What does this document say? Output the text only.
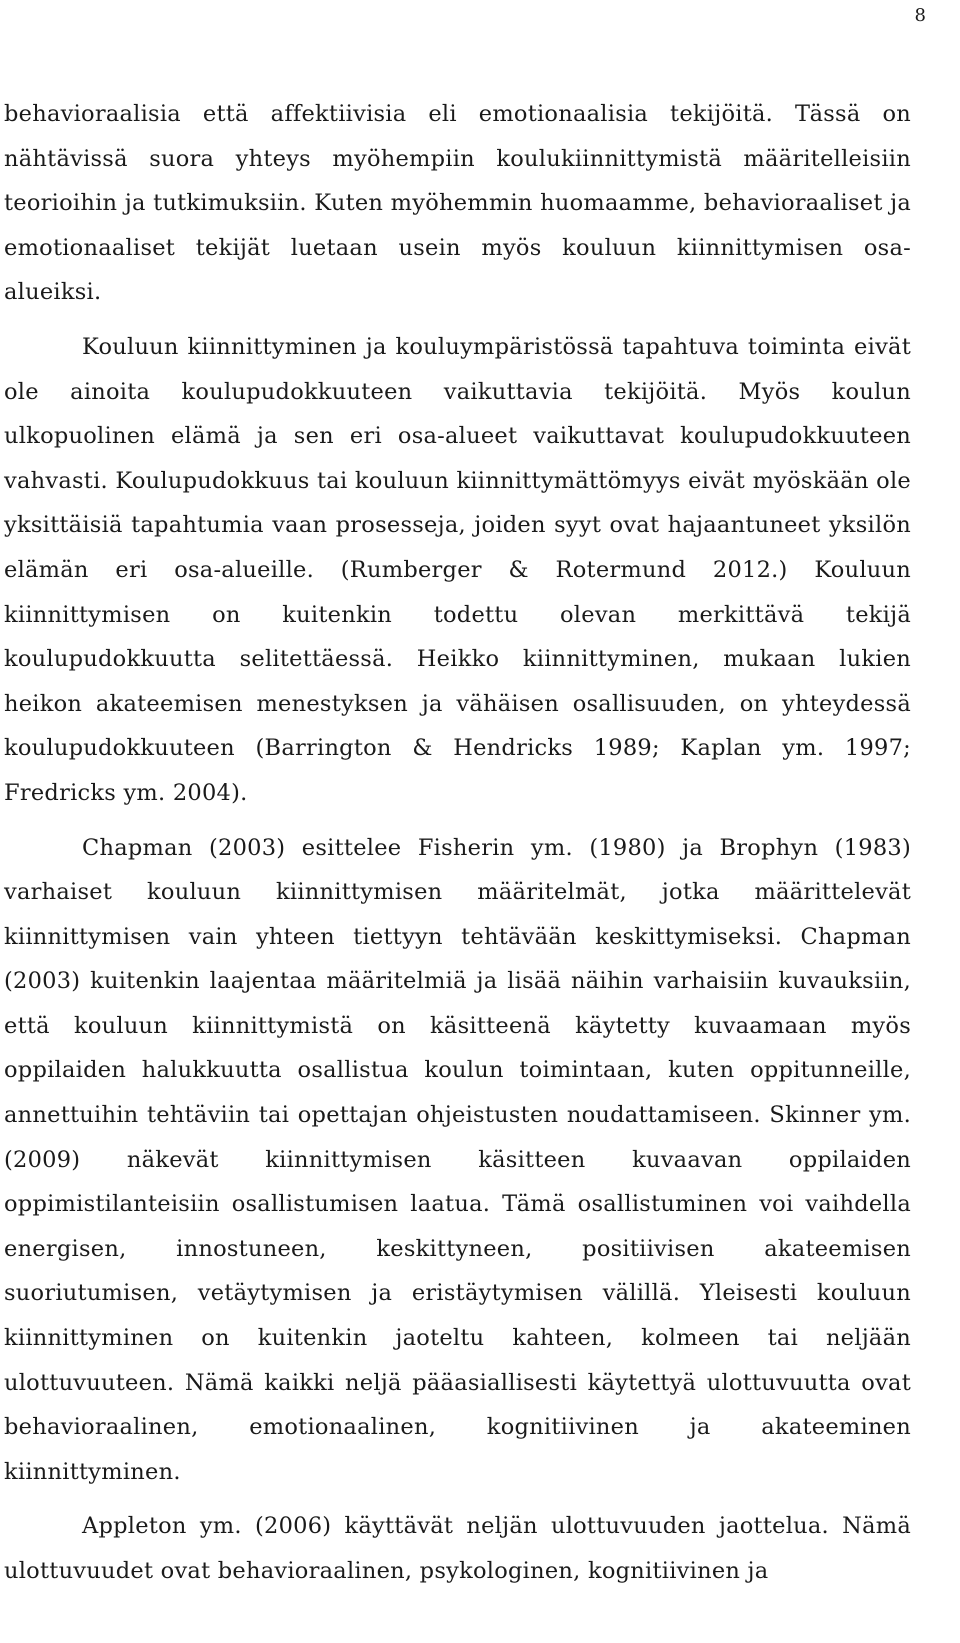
8

behavioraalisia että affektiivisia eli emotionaalisia tekijöitä. Tässä on nähtävissä suora yhteys myöhempiin koulukiinnittymistä määritelleisiin teorioihin ja tutkimuksiin. Kuten myöhemmin huomaamme, behavioraaliset ja emotionaaliset tekijät luetaan usein myös kouluun kiinnittymisen osa-alueiksi.

Kouluun kiinnittyminen ja kouluympäristössä tapahtuva toiminta eivät ole ainoita koulupudokkuuteen vaikuttavia tekijöitä. Myös koulun ulkopuolinen elämä ja sen eri osa-alueet vaikuttavat koulupudokkuuteen vahvasti. Koulupudokkuus tai kouluun kiinnittymättömyys eivät myöskään ole yksittäisiä tapahtumia vaan prosesseja, joiden syyt ovat hajaantuneet yksilön elämän eri osa-alueille. (Rumberger & Rotermund 2012.) Kouluun kiinnittymisen on kuitenkin todettu olevan merkittävä tekijä koulupudokkuutta selitettäessä. Heikko kiinnittyminen, mukaan lukien heikon akateemisen menestyksen ja vähäisen osallisuuden, on yhteydessä koulupudokkuuteen (Barrington & Hendricks 1989; Kaplan ym. 1997; Fredricks ym. 2004).

Chapman (2003) esittelee Fisherin ym. (1980) ja Brophyn (1983) varhaiset kouluun kiinnittymisen määritelmät, jotka määrittelevät kiinnittymisen vain yhteen tiettyyn tehtävään keskittymiseksi. Chapman (2003) kuitenkin laajentaa määritelmiä ja lisää näihin varhaisiin kuvauksiin, että kouluun kiinnittymistä on käsitteenä käytetty kuvaamaan myös oppilaiden halukkuutta osallistua koulun toimintaan, kuten oppitunneille, annettuihin tehtäviin tai opettajan ohjeistusten noudattamiseen. Skinner ym. (2009) näkevät kiinnittymisen käsitteen kuvaavan oppilaiden oppimistilanteisiin osallistumisen laatua. Tämä osallistuminen voi vaihdella energisen, innostuneen, keskittyneen, positiivisen akateemisen suoriutumisen, vetäytymisen ja eristäytymisen välillä. Yleisesti kouluun kiinnittyminen on kuitenkin jaoteltu kahteen, kolmeen tai neljään ulottuvuuteen. Nämä kaikki neljä pääasiallisesti käytettyä ulottuvuutta ovat behavioraalinen, emotionaalinen, kognitiivinen ja akateeminen kiinnittyminen.

Appleton ym. (2006) käyttävät neljän ulottuvuuden jaottelua. Nämä ulottuvuudet ovat behavioraalinen, psykologinen, kognitiivinen ja
